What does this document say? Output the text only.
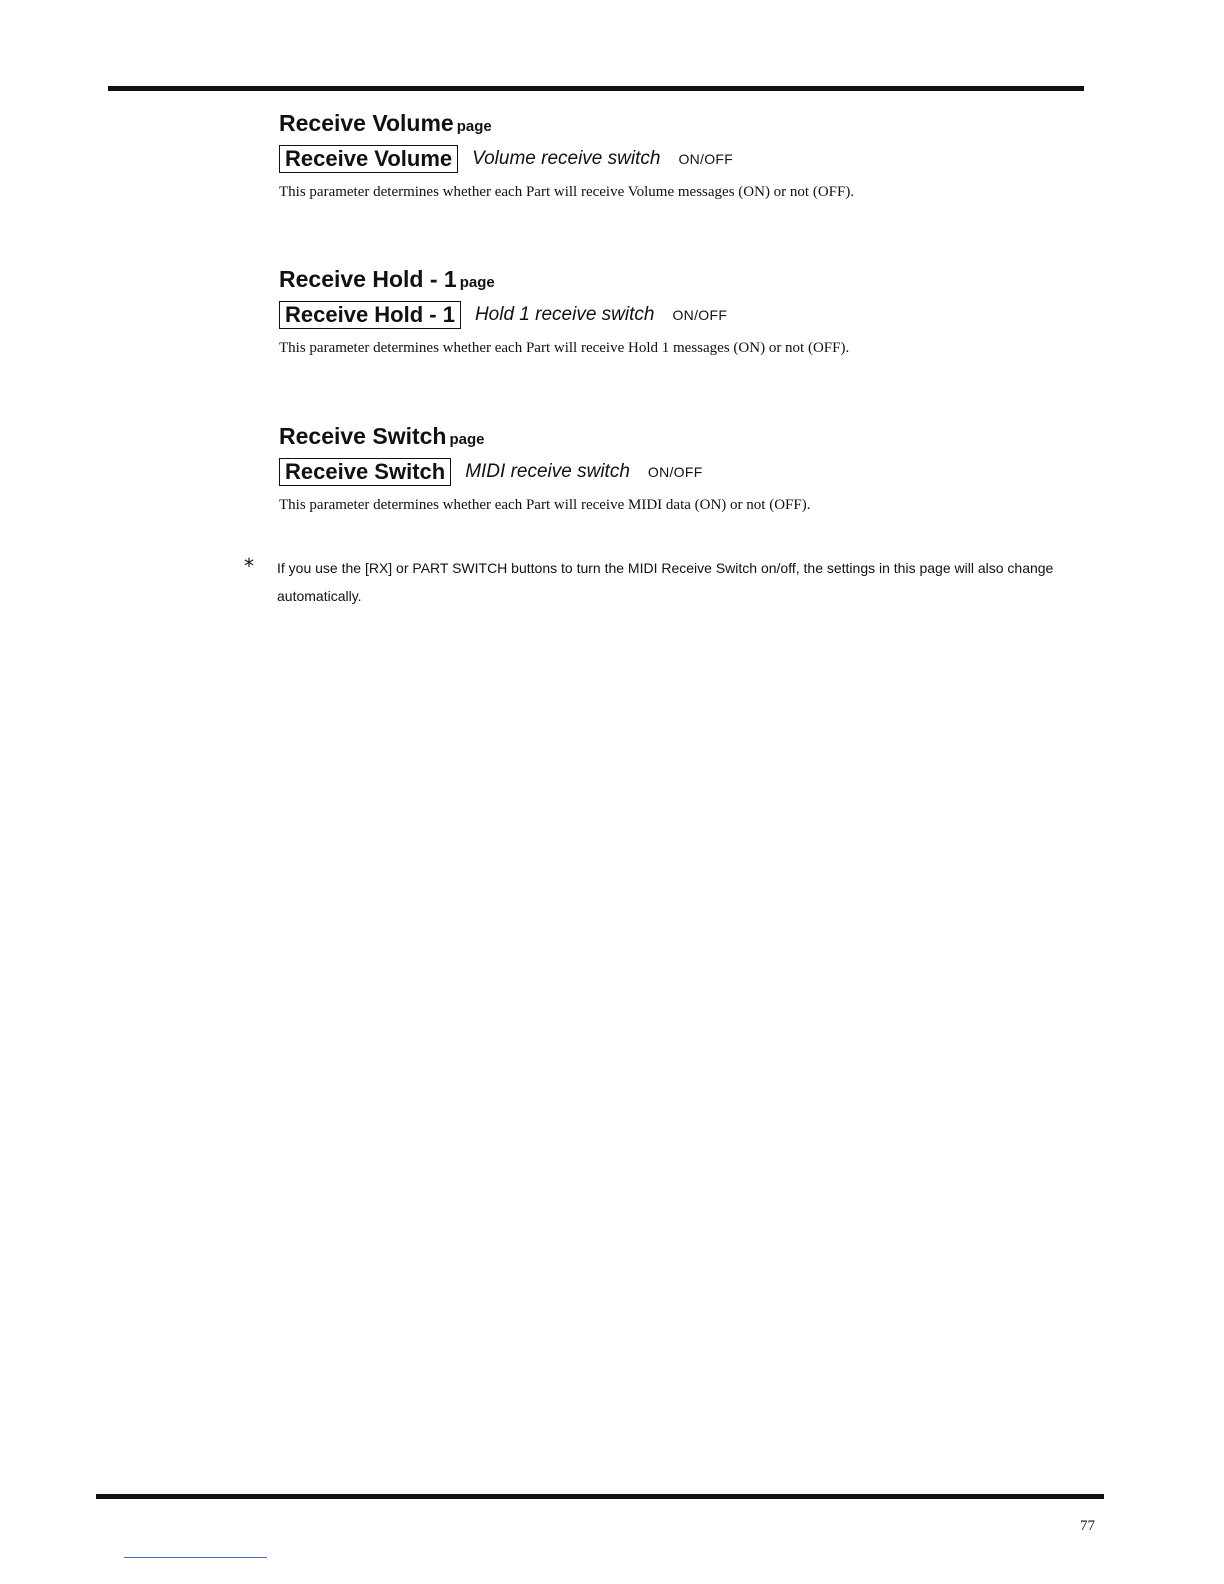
Receive Volume page
Receive Volume	Volume receive switch ON/OFF
This parameter determines whether each Part will receive Volume messages (ON) or not (OFF).
Receive Hold - 1 page
Receive Hold - 1	Hold 1 receive switch ON/OFF
This parameter determines whether each Part will receive Hold 1 messages (ON) or not (OFF).
Receive Switch page
Receive Switch	MIDI receive switch ON/OFF
This parameter determines whether each Part will receive MIDI data (ON) or not (OFF).
* If you use the [RX] or PART SWITCH buttons to turn the MIDI Receive Switch on/off, the settings in this page will also change automatically.
77
